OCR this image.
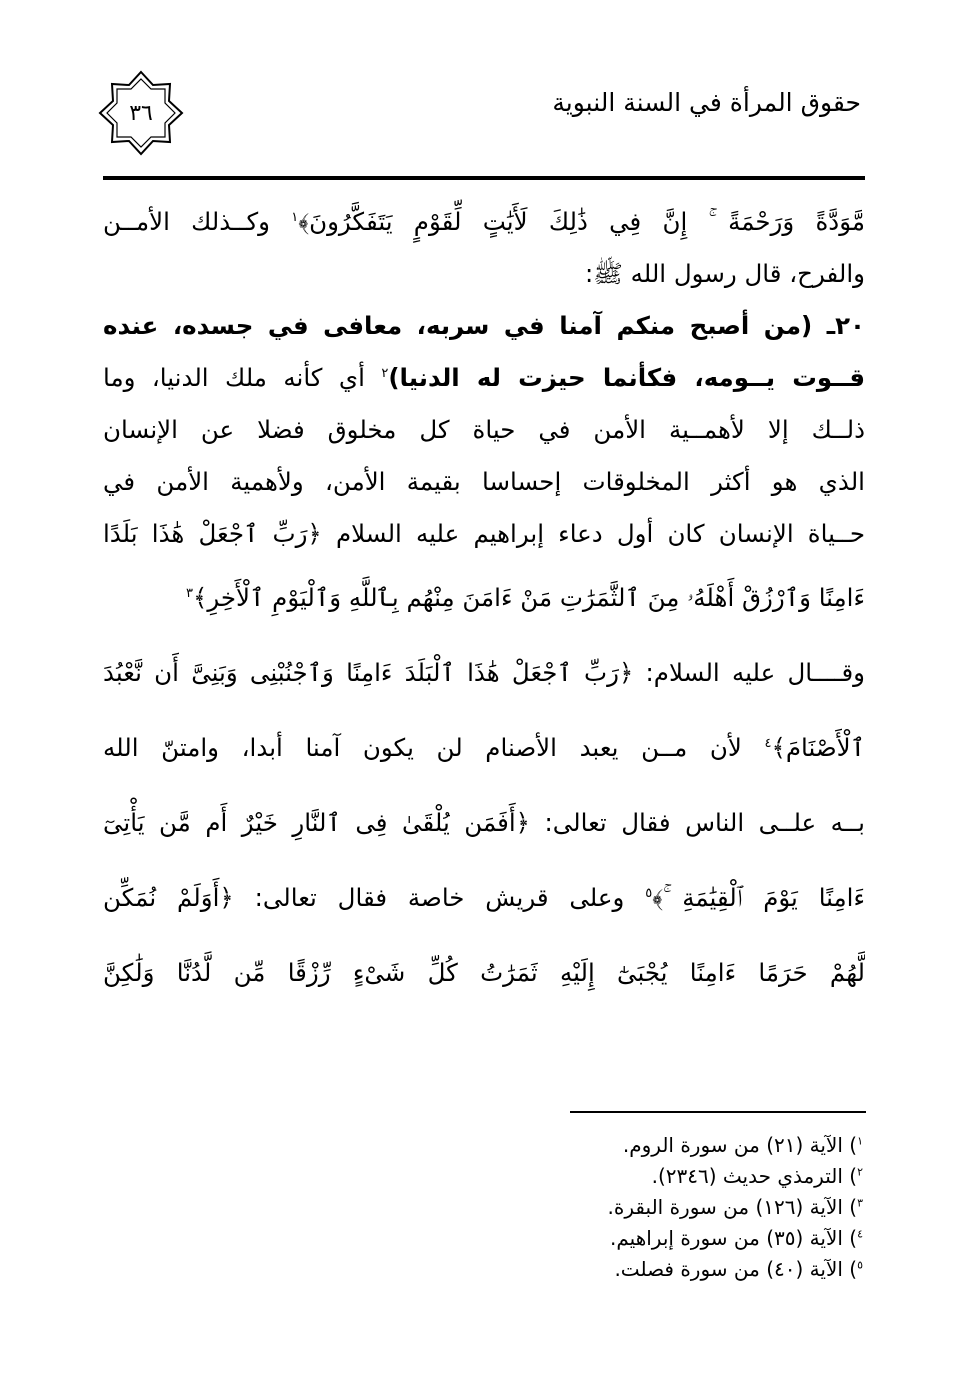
حقوق المرأة في السنة النبوية
٣٦
مَّوَدَّةً وَرَحْمَةً ۚ إِنَّ فِي ذَٰلِكَ لَأَيَٰتٍ لِّقَوْمٍ يَتَفَكَّرُونَ﴾$^١$ وكــذلك الأمــن
والفرح، قال رسول الله ﷺ:
٢٠ـ (من أصبح منكم آمنا في سربه، معافى في جسده، عنده
قــوت يــومه، فكأنما حيزت له الدنيا)$^٢$ أي كأنه ملك الدنيا، وما
ذلــك إلا لأهمــية الأمن في حياة كل مخلوق فضلا عن الإنسان
الذي هو أكثر المخلوقات إحساسا بقيمة الأمن، ولأهمية الأمن في
حــياة الإنسان كان أول دعاء إبراهيم عليه السلام ﴿رَبِّ ٱجْعَلْ هَٰذَا بَلَدًا
ءَامِنًا وَٱرْزُقْ أَهْلَهُۥ مِنَ ٱلثَّمَرَٰتِ مَنْ ءَامَنَ مِنْهُم بِٱللَّهِ وَٱلْيَوْمِ ٱلْأَخِرِ﴾$^٣$
وقــــال عليه السلام: ﴿رَبِّ ٱجْعَلْ هَٰذَا ٱلْبَلَدَ ءَامِنًا وَٱجْنُبْنِى وَبَنِىَّ أَن نَّعْبُدَ
ٱلْأَصْنَامَ﴾$^٤$ لأن مــن يعبد الأصنام لن يكون آمنا أبدا، وامتنّ الله
بــه علــى الناس فقال تعالى: ﴿أَفَمَن يُلْقَىٰ فِى ٱلنَّارِ خَيْرٌ أَم مَّن يَأْتِىٓ
ءَامِنًا يَوْمَ ٱلْقِيَٰمَةِ ۚ﴾$^٥$ وعلى قريش خاصة فقال تعالى: ﴿أَوَلَمْ نُمَكِّن
لَّهُمْ حَرَمًا ءَامِنًا يُجْبَىٰٓ إِلَيْهِ ثَمَرَٰتُ كُلِّ شَىْءٍ رِّزْقًا مِّن لَّدُنَّا وَلَٰكِنَّ
$^١$) الآية (٢١) من سورة الروم.
$^٢$) الترمذي حديث (٢٣٤٦).
$^٣$) الآية (١٢٦) من سورة البقرة.
$^٤$) الآية (٣٥) من سورة إبراهيم.
$^٥$) الآية (٤٠) من سورة فصلت.
